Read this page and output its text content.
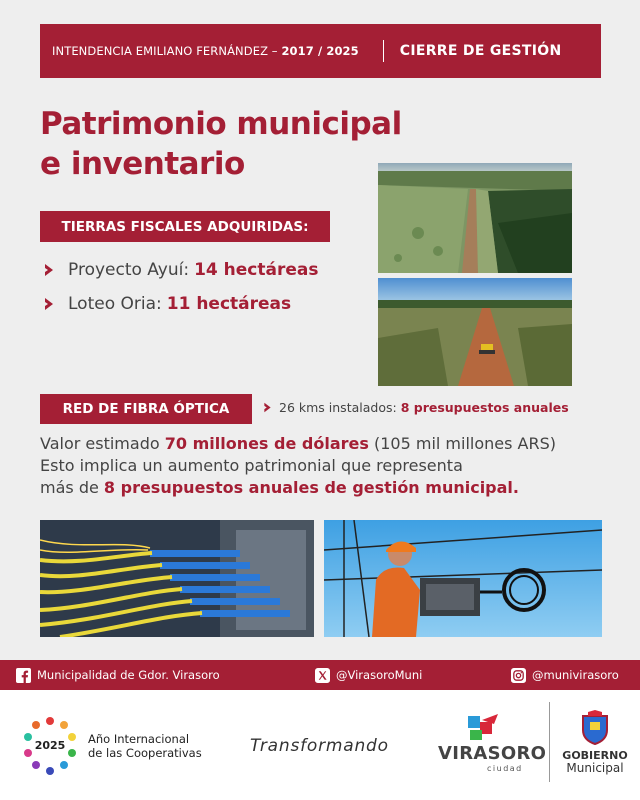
INTENDENCIA EMILIANO FERNÁNDEZ – 2017 / 2025	CIERRE DE GESTIÓN
Patrimonio municipal
e inventario
TIERRAS FISCALES ADQUIRIDAS:
Proyecto Ayuí: 14 hectáreas
Loteo Oria: 11 hectáreas
RED DE FIBRA ÓPTICA	26 kms instalados: 8 presupuestos anuales
Valor estimado 70 millones de dólares (105 mil millones ARS)
Esto implica un aumento patrimonial que representa
más de 8 presupuestos anuales de gestión municipal.
Municipalidad de Gdor. Virasoro	@VirasoroMuni	@munivirasoro
2025 Año Internacional
de las Cooperativas	Transformando	VIRASORO
ciudad
GOBIERNO
Municipal
